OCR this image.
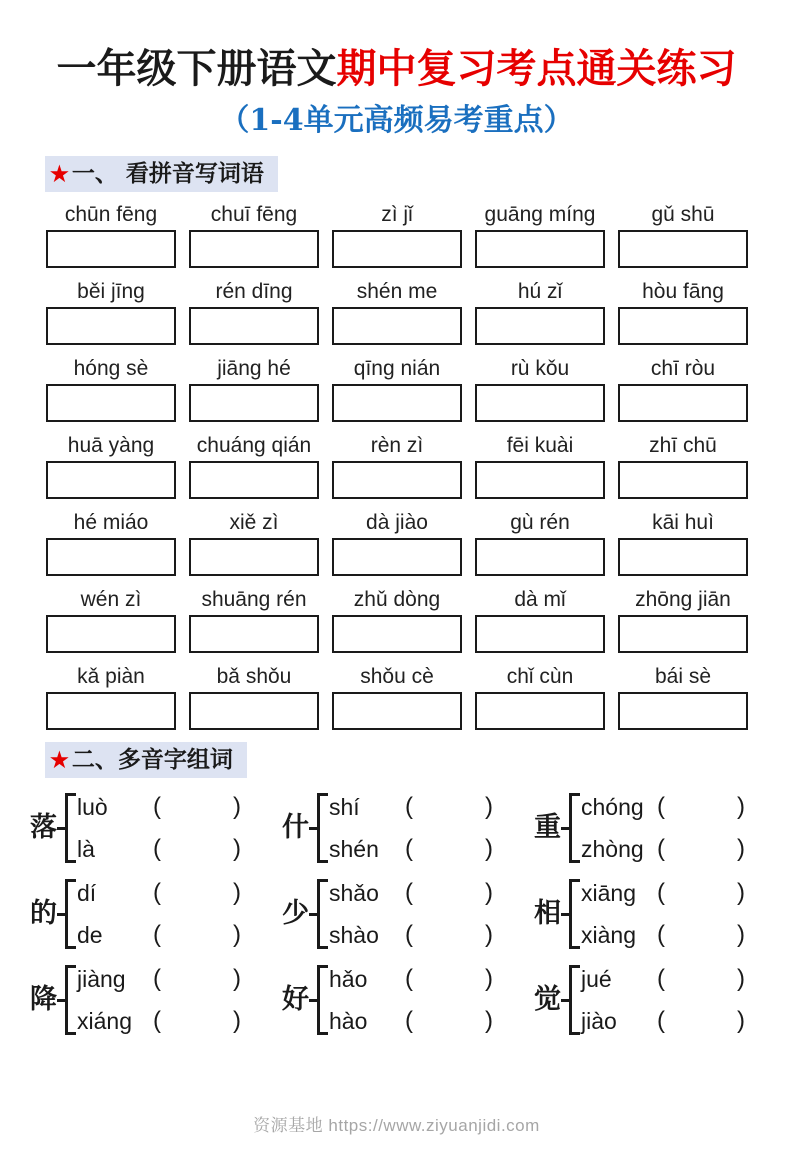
一年级下册语文期中复习考点通关练习
（1-4单元高频易考重点）
★ 一、 看拼音写词语
chūn fēng	chuī fēng	zì jǐ	guāng míng	gǔ shū
běi jīng	rén dīng	shén me	hú zǐ	hòu fāng
hóng sè	jiāng hé	qīng nián	rù kǒu	chī ròu
huā yàng	chuáng qián	rèn zì	fēi kuài	zhī chū
hé miáo	xiě zì	dà jiào	gù rén	kāi huì
wén zì	shuāng rén	zhǔ dòng	dà mǐ	zhōng jiān
kǎ piàn	bǎ shǒu	shǒu cè	chǐ cùn	bái sè
★ 二、多音字组词
落
luò	(	)
là	(	)
什
shí	(	)
shén	(	)
重
chóng (	)
zhòng (	)
的
dí	(	)
de	(	)
少
shǎo	(	)
shào	(	)
相
xiāng (	)
xiàng (	)
降
jiàng	(	)
xiáng (	)
好
hǎo	(	)
hào	(	)
觉
jué	(	)
jiào	(	)
资源基地 https://www.ziyuanjidi.com
